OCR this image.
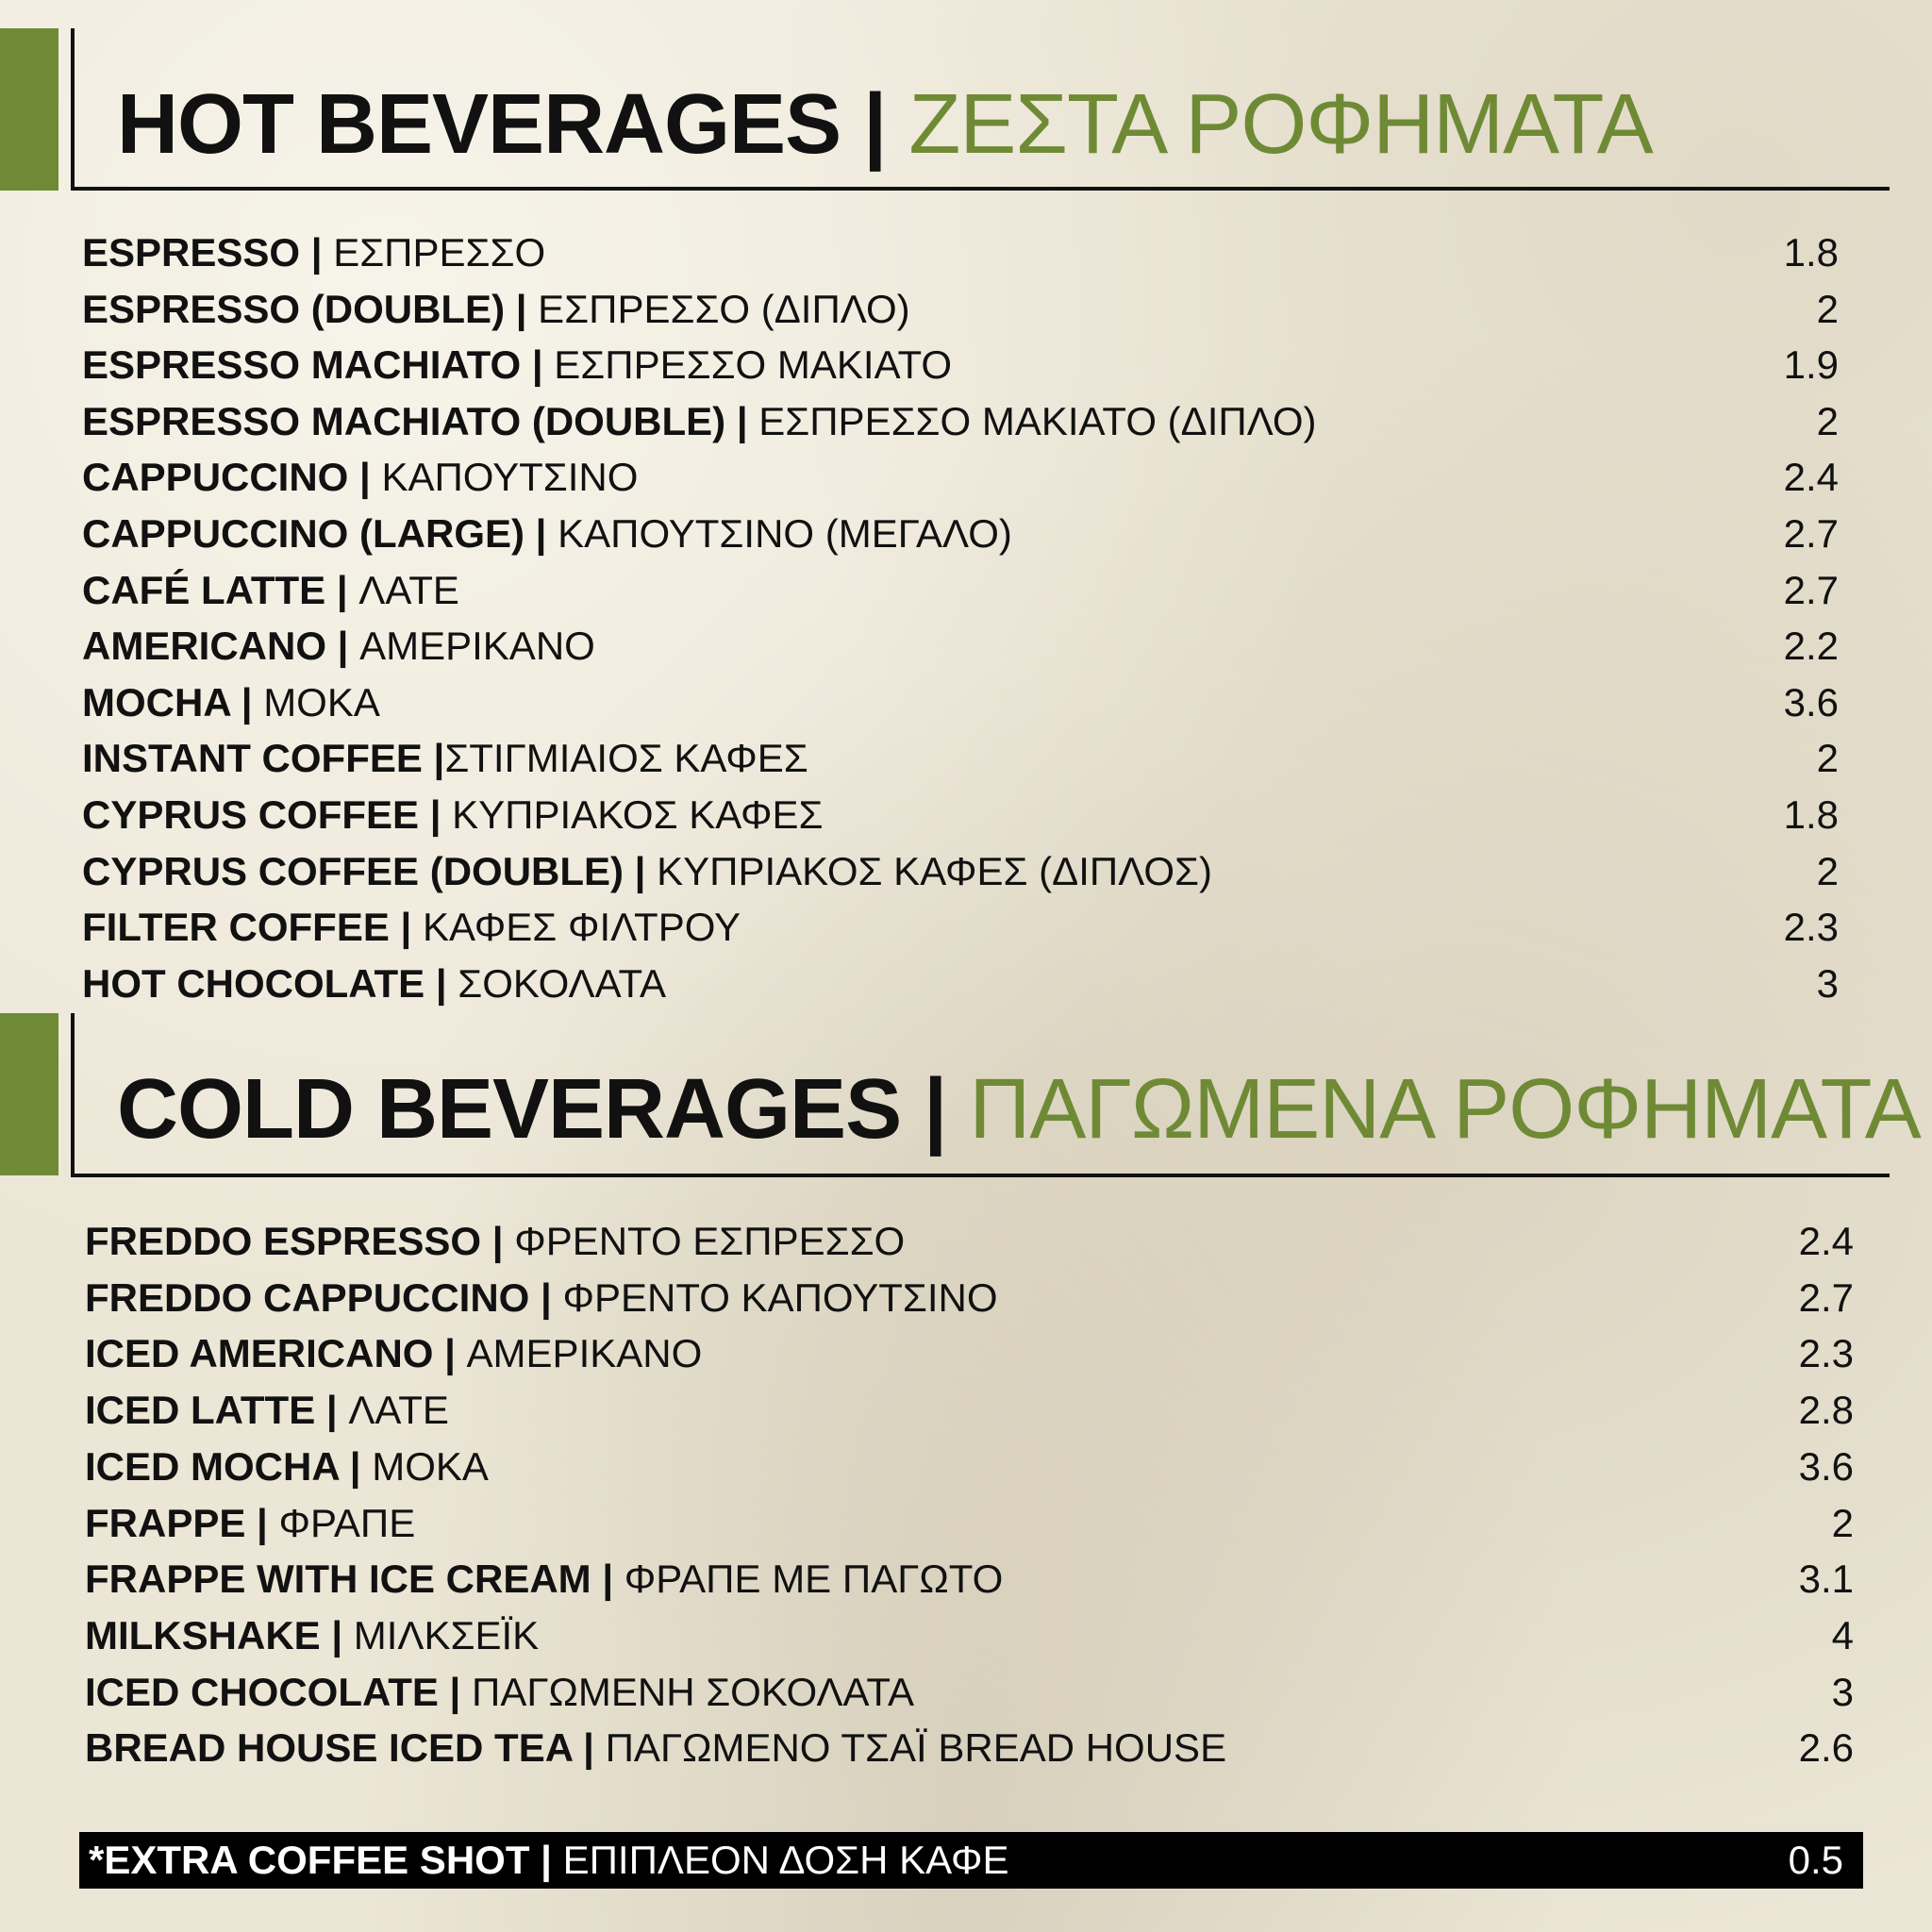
HOT BEVERAGES | ΖΕΣΤΑ ΡΟΦΗΜΑΤΑ
ESPRESSO | ΕΣΠΡΕΣΣΟ	1.8
ESPRESSO (DOUBLE) | ΕΣΠΡΕΣΣΟ (ΔΙΠΛΟ)	2
ESPRESSO MACHIATO | ΕΣΠΡΕΣΣΟ ΜΑΚΙΑΤΟ	1.9
ESPRESSO MACHIATO (DOUBLE) | ΕΣΠΡΕΣΣΟ ΜΑΚΙΑΤΟ (ΔΙΠΛΟ)	2
CAPPUCCINO | ΚΑΠΟΥΤΣΙΝΟ	2.4
CAPPUCCINO (LARGE) | ΚΑΠΟΥΤΣΙΝΟ (ΜΕΓΑΛΟ)	2.7
CAFÉ LATTE | ΛΑΤΕ	2.7
AMERICANO | ΑΜΕΡΙΚΑΝΟ	2.2
MOCHA | ΜΟΚΑ	3.6
INSTANT COFFEE |ΣΤΙΓΜΙΑΙΟΣ ΚΑΦΕΣ	2
CYPRUS COFFEE | ΚΥΠΡΙΑΚΟΣ ΚΑΦΕΣ	1.8
CYPRUS COFFEE (DOUBLE) | ΚΥΠΡΙΑΚΟΣ ΚΑΦΕΣ (ΔΙΠΛΟΣ)	2
FILTER COFFEE | ΚΑΦΕΣ ΦΙΛΤΡΟΥ	2.3
HOT CHOCOLATE | ΣΟΚΟΛΑΤΑ	3
COLD BEVERAGES | ΠΑΓΩΜΕΝΑ ΡΟΦΗΜΑΤΑ
FREDDO ESPRESSO | ΦΡΕΝΤΟ ΕΣΠΡΕΣΣΟ	2.4
FREDDO CAPPUCCINO | ΦΡΕΝΤΟ ΚΑΠΟΥΤΣΙΝΟ	2.7
ICED AMERICANO | ΑΜΕΡΙΚΑΝΟ	2.3
ICED LATTE | ΛΑΤΕ	2.8
ICED MOCHA | ΜΟΚΑ	3.6
FRAPPE | ΦΡΑΠΕ	2
FRAPPE WITH ICE CREAM | ΦΡΑΠΕ ΜΕ ΠΑΓΩΤΟ	3.1
MILKSHAKE | ΜΙΛΚΣΕΪΚ	4
ICED CHOCOLATE | ΠΑΓΩΜΕΝΗ ΣΟΚΟΛΑΤΑ	3
BREAD HOUSE ICED TEA | ΠΑΓΩΜΕΝΟ ΤΣΑΪ BREAD HOUSE	2.6
*EXTRA COFFEE SHOT | ΕΠΙΠΛΕΟΝ ΔΟΣΗ ΚΑΦΕ	0.5
